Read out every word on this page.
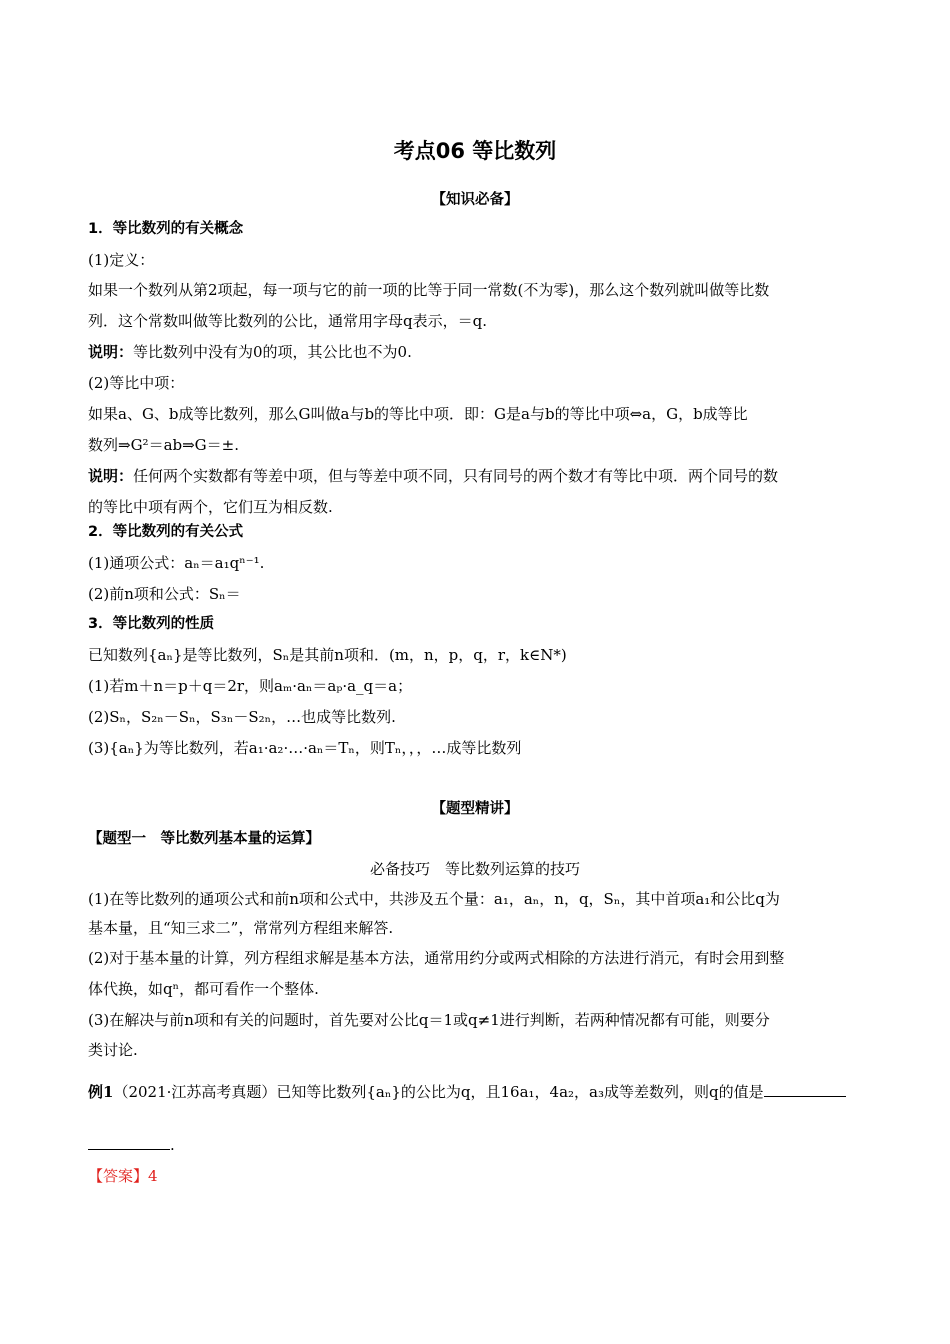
考点06 等比数列
【知识必备】
1．等比数列的有关概念
(1)定义：
如果一个数列从第2项起，每一项与它的前一项的比等于同一常数(不为零)，那么这个数列就叫做等比数
列．这个常数叫做等比数列的公比，通常用字母q表示，＝q.
说明：等比数列中没有为0的项，其公比也不为0.
(2)等比中项：
如果a、G、b成等比数列，那么G叫做a与b的等比中项．即：G是a与b的等比中项⇔a，G，b成等比
数列⇒G²＝ab⇒G＝±.
说明：任何两个实数都有等差中项，但与等差中项不同，只有同号的两个数才有等比中项．两个同号的数
的等比中项有两个，它们互为相反数.
2．等比数列的有关公式
(1)通项公式：aₙ＝a₁qⁿ⁻¹.
(2)前n项和公式：Sₙ＝
3．等比数列的性质
已知数列{aₙ}是等比数列，Sₙ是其前n项和．(m，n，p，q，r，k∈N*)
(1)若m＋n＝p＋q＝2r，则aₘ·aₙ＝aₚ·a_q＝a；
(2)Sₙ，S₂ₙ－Sₙ，S₃ₙ－S₂ₙ，…也成等比数列.
(3){aₙ}为等比数列，若a₁·a₂·…·aₙ＝Tₙ，则Tₙ，，，…成等比数列
【题型精讲】
【题型一　等比数列基本量的运算】
必备技巧　等比数列运算的技巧
(1)在等比数列的通项公式和前n项和公式中，共涉及五个量：a₁，aₙ，n，q，Sₙ，其中首项a₁和公比q为
基本量，且“知三求二”，常常列方程组来解答.
(2)对于基本量的计算，列方程组求解是基本方法，通常用约分或两式相除的方法进行消元，有时会用到整
体代换，如qⁿ，都可看作一个整体.
(3)在解决与前n项和有关的问题时，首先要对公比q＝1或q≠1进行判断，若两种情况都有可能，则要分
类讨论.
例1（2021·江苏高考真题）已知等比数列{aₙ}的公比为q，且16a₁，4a₂，a₃成等差数列，则q的值是
.
【答案】4
